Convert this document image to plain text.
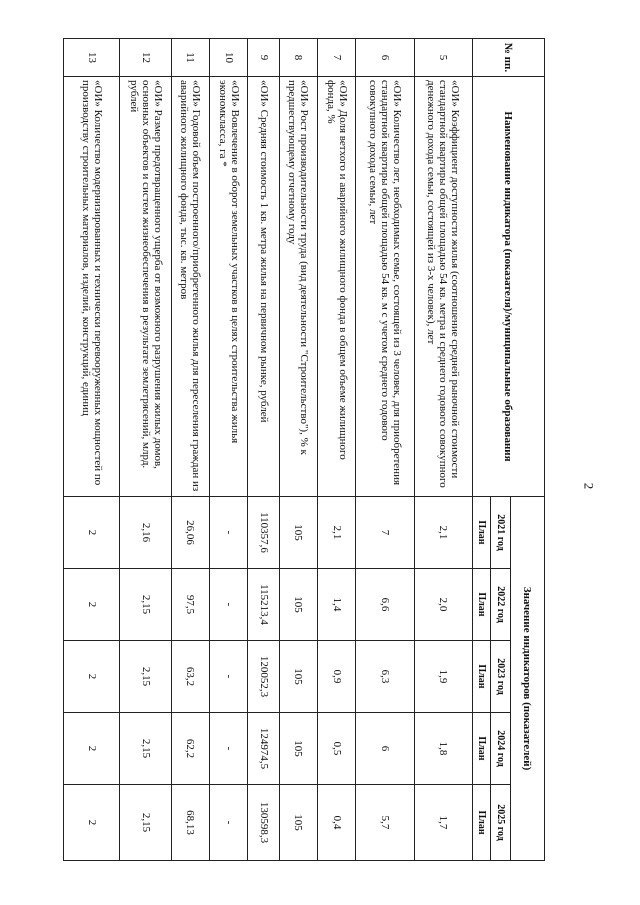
2
№ пп.	Наименование индикатора (показателя)/муниципальные образования	Значение индикаторов (показателей)				
		2021 год	2022 год	2023 год	2024 год	2025 год
		План	План	План	План	План
5	«ОИ» Коэффициент доступности жилья (соотношение средней рыночной стоимости стандартной квартиры общей площадью 54 кв. метра и среднего годового совокупного денежного дохода семьи, состоящей из 3-х человек), лет	2,1	2,0	1,9	1,8	1,7
6	«ОИ» Количество лет, необходимых семье, состоящей из 3 человек, для приобретения стандартной квартиры общей площадью 54 кв. м с учетом среднего годового совокупного дохода семьи, лет	7	6,6	6,3	6	5,7
7	«ОИ» Доля ветхого и аварийного жилищного фонда в общем объеме жилищного фонда, %	2,1	1,4	0,9	0,5	0,4
8	«ОИ» Рост производительности труда (вид деятельности "Строительство"), % к предшествующему отчетному году	105	105	105	105	105
9	«ОИ» Средняя стоимость 1 кв. метра жилья на первичном рынке, рублей	110357,6	115213,4	120052,3	124974,5	130598,3
10	«ОИ» Вовлечение в оборот земельных участков в целях строительства жилья экономкласса, га *	-	-	-	-	-
11	«ОИ» Годовой объем построенного/приобретенного жилья для переселения граждан из аварийного жилищного фонда, тыс. кв. метров	26,06	97,5	63,2	62,2	68,13
12	«ОИ» Размер предотвращенного ущерба от возможного разрушения жилых домов, основных объектов и систем жизнеобеспечения в результате землетрясений, млрд. рублей	2,16	2,15	2,15	2,15	2,15
13	«ОИ» Количество модернизированных и технически перевооруженных мощностей по производству строительных материалов, изделий, конструкций, единиц	2	2	2	2	2
